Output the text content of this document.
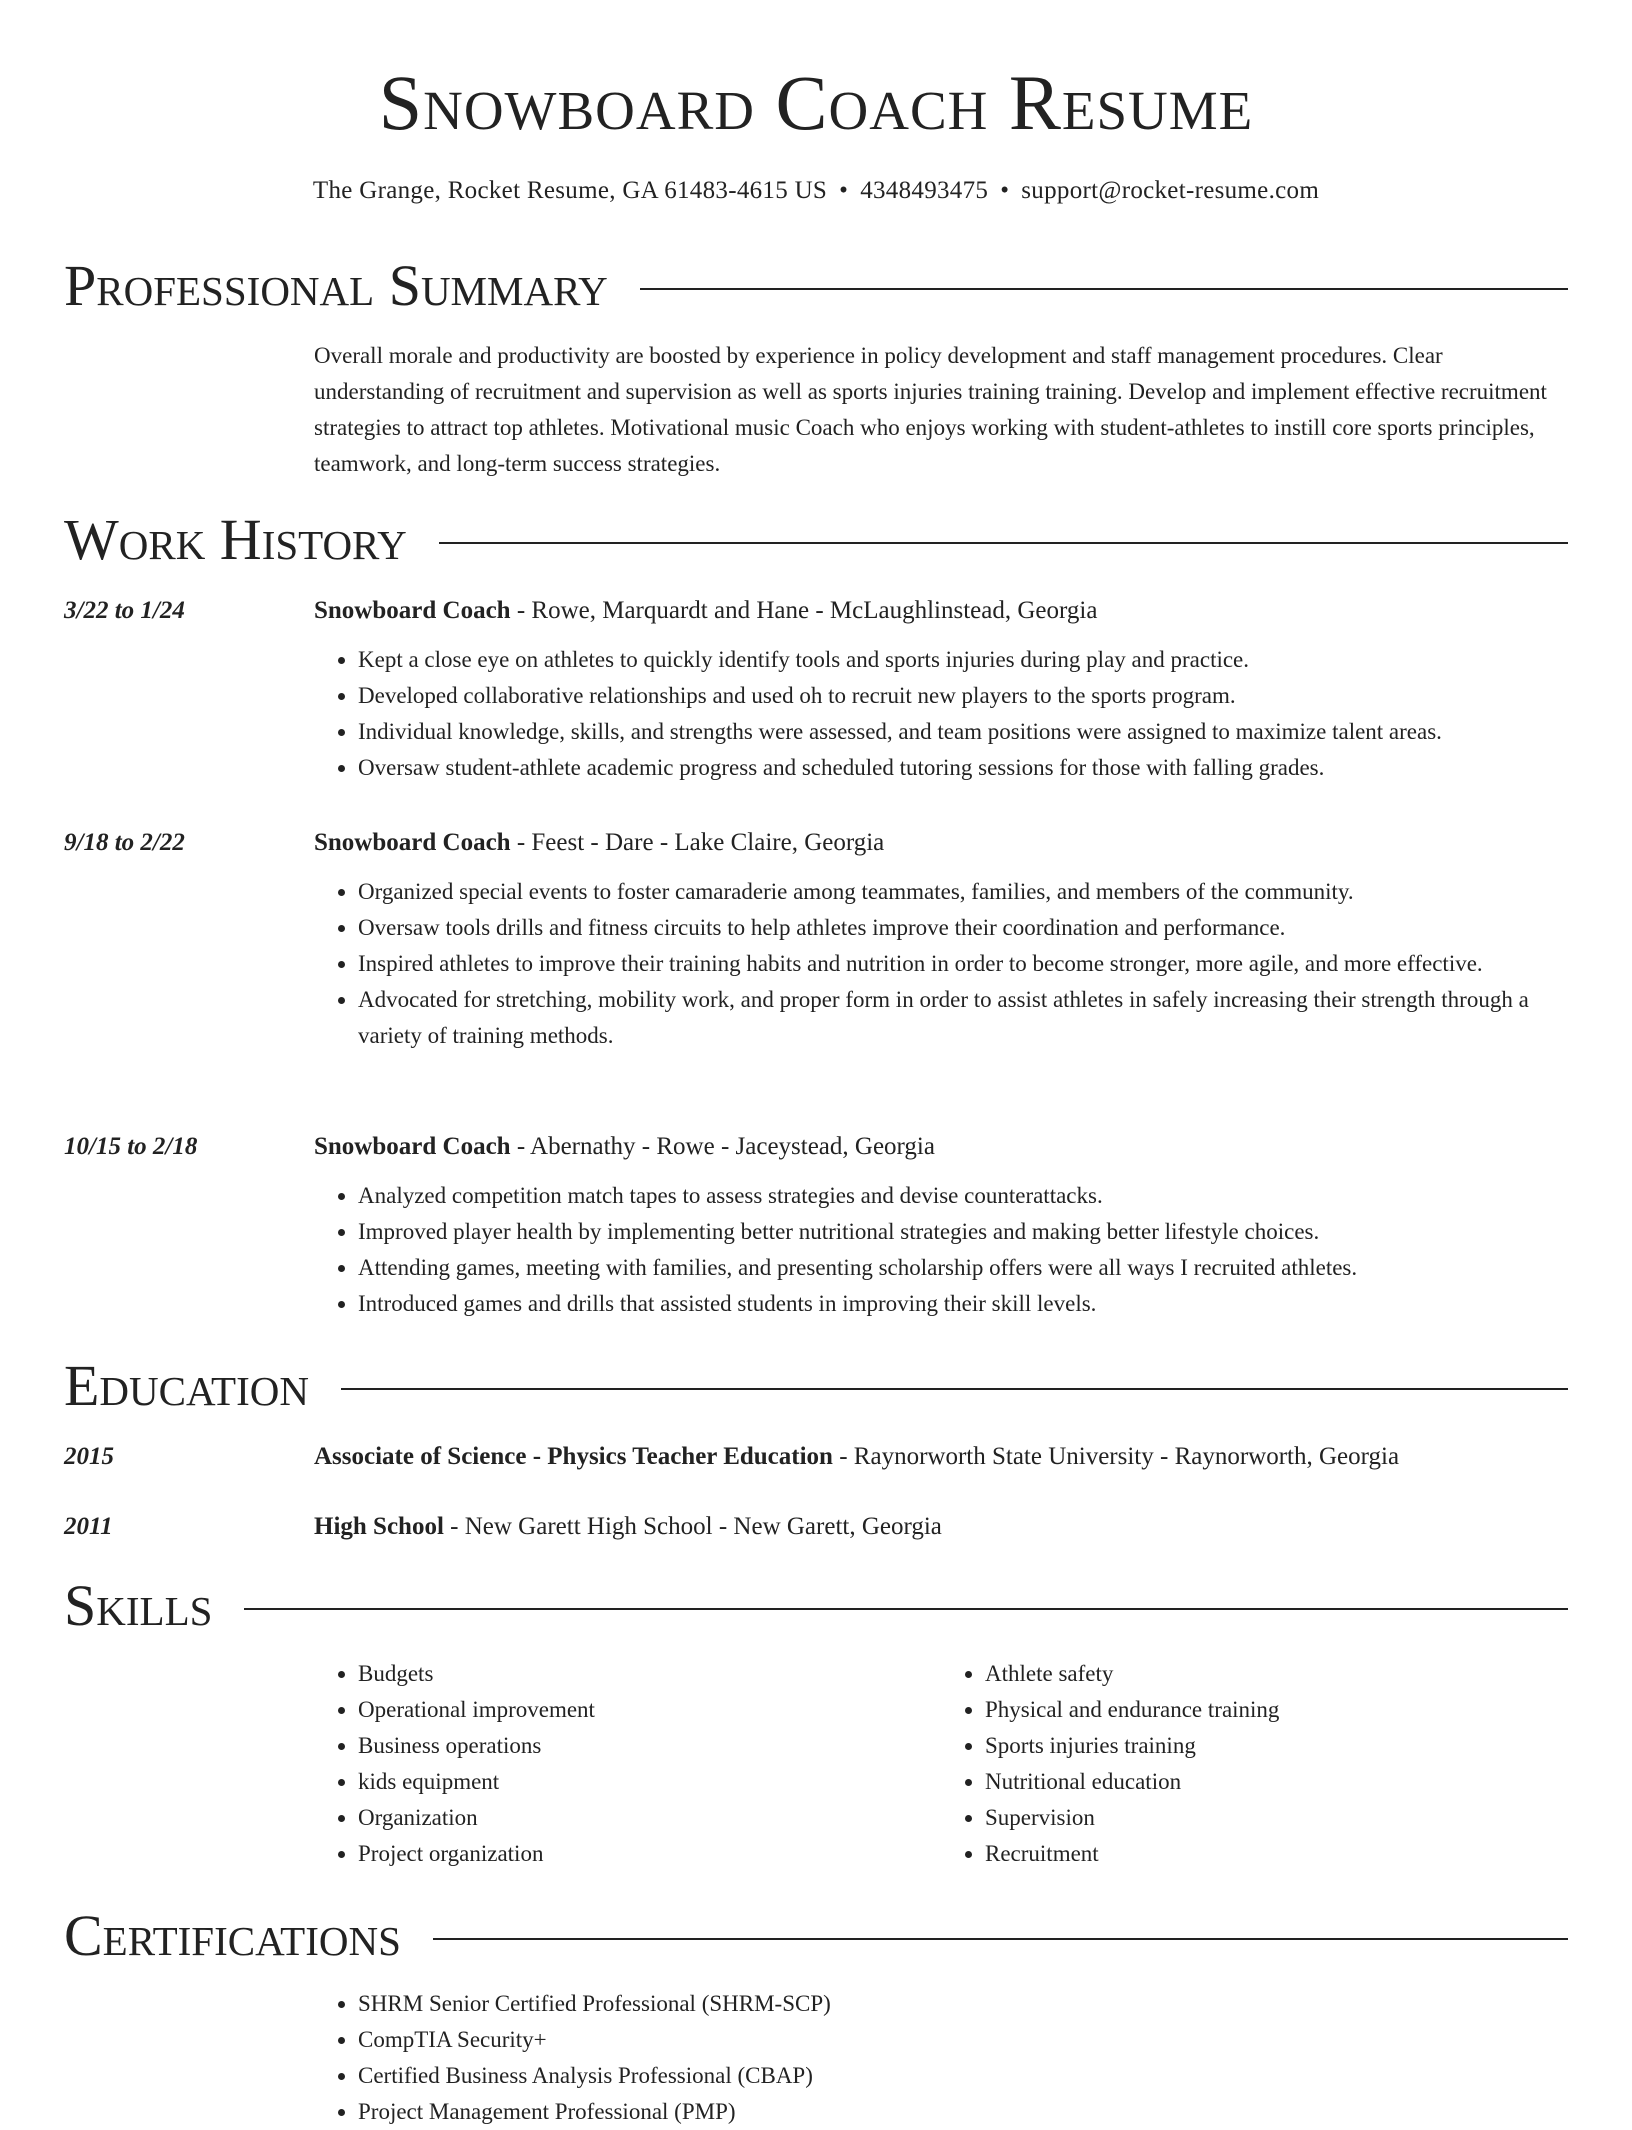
Snowboard Coach Resume
The Grange, Rocket Resume, GA 61483-4615 US • 4348493475 • support@rocket-resume.com
Professional Summary

Overall morale and productivity are boosted by experience in policy development and staff management procedures. Clear understanding of recruitment and supervision as well as sports injuries training training. Develop and implement effective recruitment strategies to attract top athletes. Motivational music Coach who enjoys working with student-athletes to instill core sports principles, teamwork, and long-term success strategies.

Work History
3/22 to 1/24	Snowboard Coach - Rowe, Marquardt and Hane - McLaughlinstead, Georgia
• Kept a close eye on athletes to quickly identify tools and sports injuries during play and practice.
• Developed collaborative relationships and used oh to recruit new players to the sports program.
• Individual knowledge, skills, and strengths were assessed, and team positions were assigned to maximize talent areas.
• Oversaw student-athlete academic progress and scheduled tutoring sessions for those with falling grades.
9/18 to 2/22	Snowboard Coach - Feest - Dare - Lake Claire, Georgia
• Organized special events to foster camaraderie among teammates, families, and members of the community.
• Oversaw tools drills and fitness circuits to help athletes improve their coordination and performance.
• Inspired athletes to improve their training habits and nutrition in order to become stronger, more agile, and more effective.
• Advocated for stretching, mobility work, and proper form in order to assist athletes in safely increasing their strength through a variety of training methods.
10/15 to 2/18	Snowboard Coach - Abernathy - Rowe - Jaceystead, Georgia
• Analyzed competition match tapes to assess strategies and devise counterattacks.
• Improved player health by implementing better nutritional strategies and making better lifestyle choices.
• Attending games, meeting with families, and presenting scholarship offers were all ways I recruited athletes.
• Introduced games and drills that assisted students in improving their skill levels.
Education
2015	Associate of Science - Physics Teacher Education - Raynorworth State University - Raynorworth, Georgia
2011	High School - New Garett High School - New Garett, Georgia
Skills
• Budgets
• Operational improvement
• Business operations
• kids equipment
• Organization
• Project organization
• Athlete safety
• Physical and endurance training
• Sports injuries training
• Nutritional education
• Supervision
• Recruitment
Certifications
• SHRM Senior Certified Professional (SHRM-SCP)
• CompTIA Security+
• Certified Business Analysis Professional (CBAP)
• Project Management Professional (PMP)
